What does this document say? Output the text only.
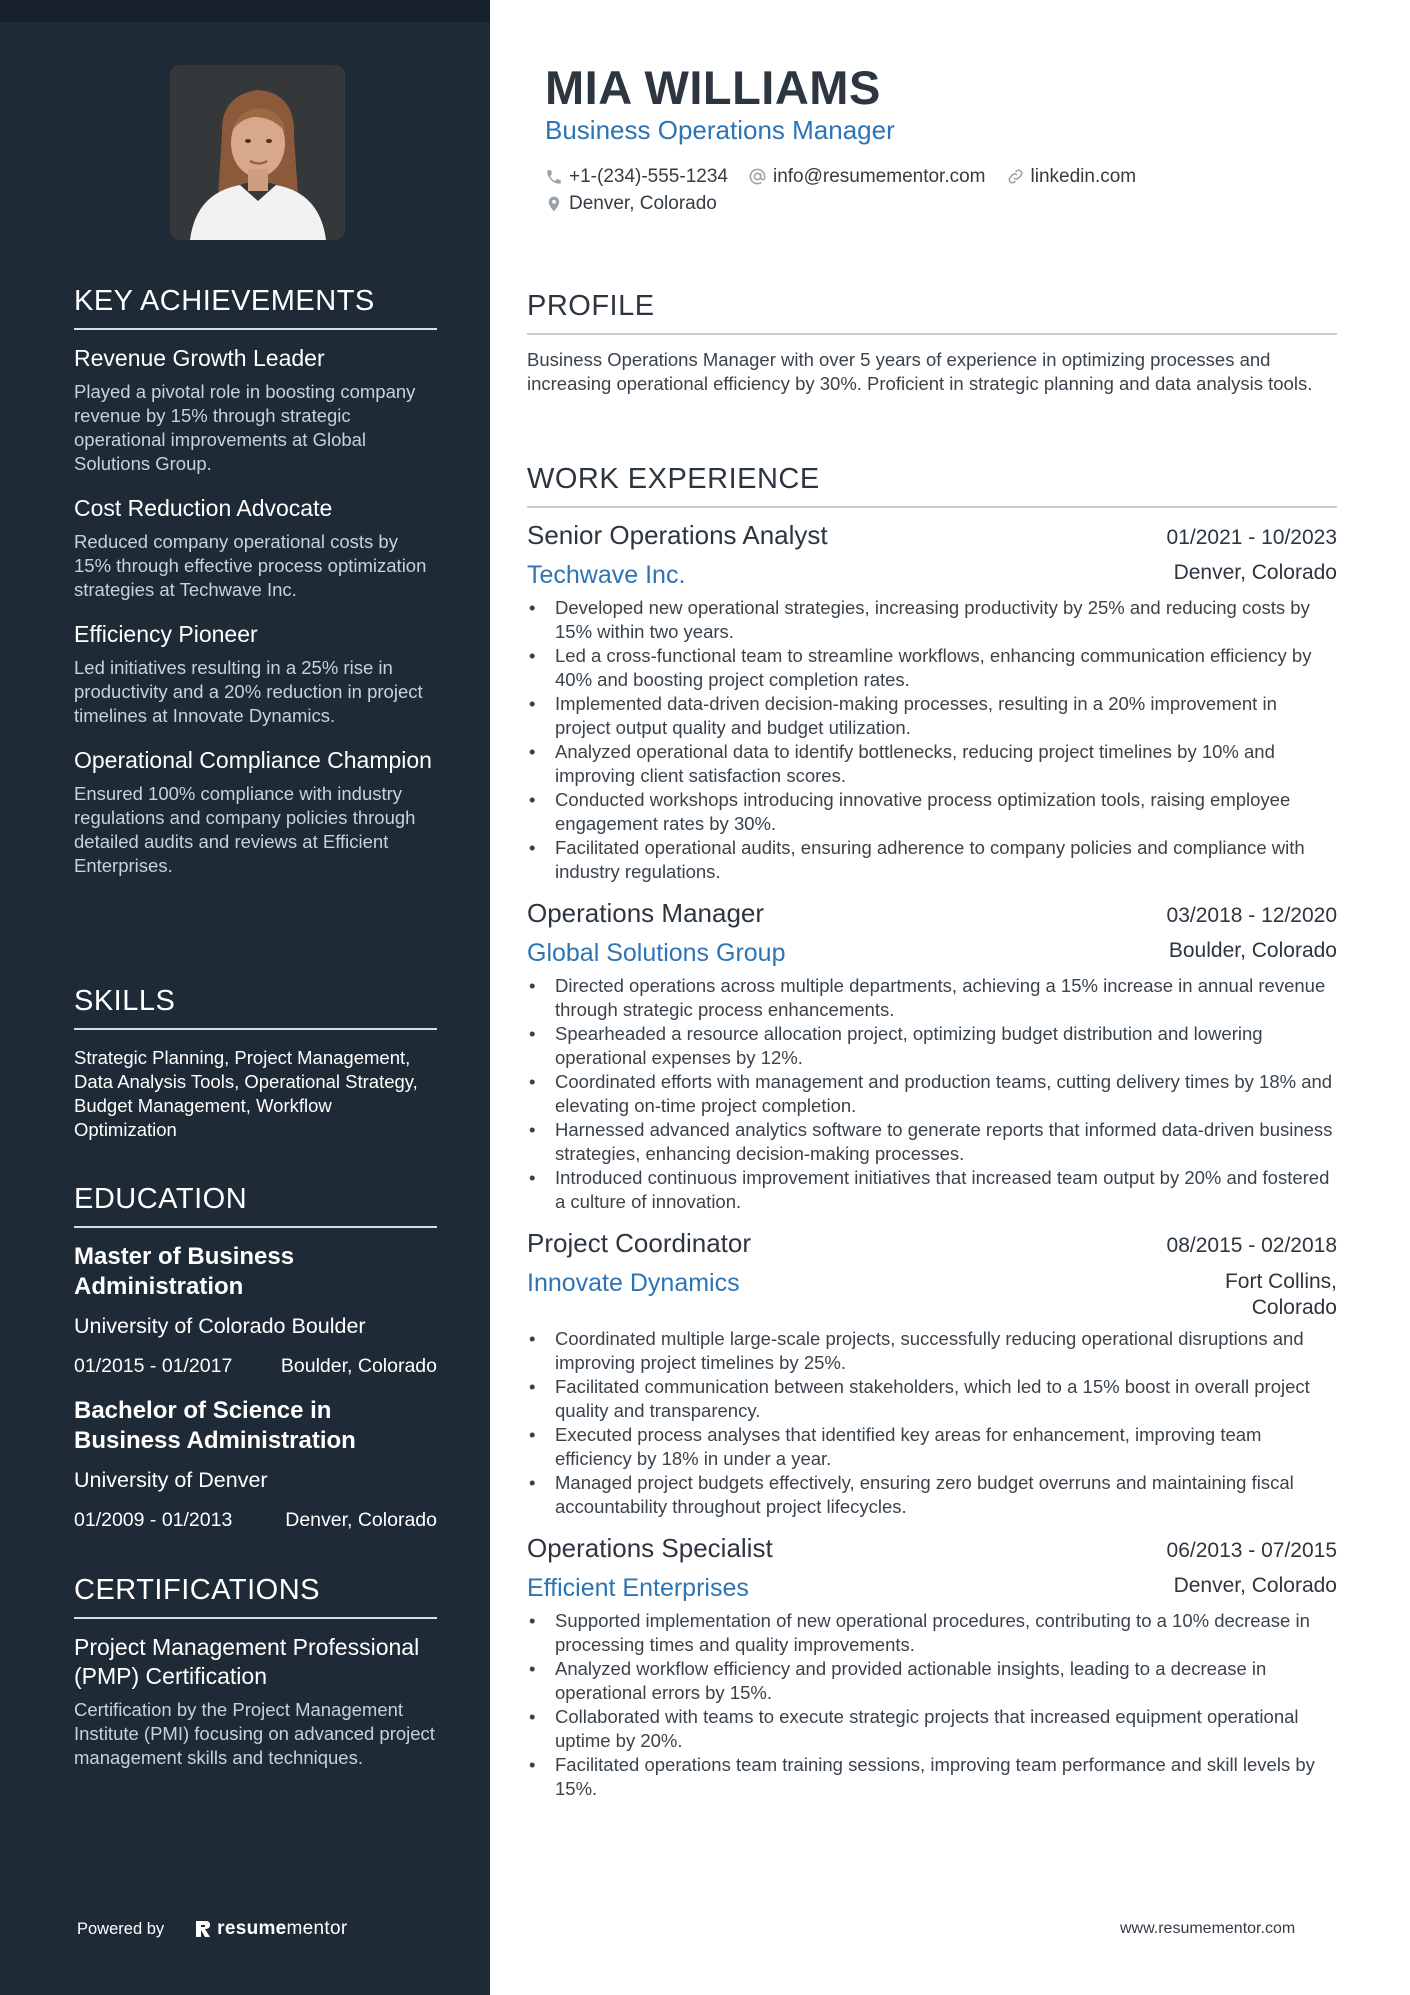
KEY ACHIEVEMENTS
Revenue Growth Leader
Played a pivotal role in boosting company revenue by 15% through strategic operational improvements at Global Solutions Group.
Cost Reduction Advocate
Reduced company operational costs by 15% through effective process optimization strategies at Techwave Inc.
Efficiency Pioneer
Led initiatives resulting in a 25% rise in productivity and a 20% reduction in project timelines at Innovate Dynamics.
Operational Compliance Champion
Ensured 100% compliance with industry regulations and company policies through detailed audits and reviews at Efficient Enterprises.
SKILLS
Strategic Planning, Project Management, Data Analysis Tools, Operational Strategy, Budget Management, Workflow Optimization
EDUCATION
Master of Business Administration
University of Colorado Boulder
01/2015 - 01/2017 Boulder, Colorado
Bachelor of Science in Business Administration
University of Denver
01/2009 - 01/2013	Denver, Colorado
CERTIFICATIONS
Project Management Professional (PMP) Certification
Certification by the Project Management Institute (PMI) focusing on advanced project management skills and techniques.
Powered by	resume mentor
MIA WILLIAMS
Business Operations Manager
+1-(234)-555-1234 info@resumementor.com linkedin.com
Denver, Colorado
PROFILE
Business Operations Manager with over 5 years of experience in optimizing processes and increasing operational efficiency by 30%. Proficient in strategic planning and data analysis tools.
WORK EXPERIENCE
Senior Operations Analyst	01/2021 - 10/2023
Techwave Inc.	Denver, Colorado
• Developed new operational strategies, increasing productivity by 25% and reducing costs by 15% within two years.
• Led a cross-functional team to streamline workflows, enhancing communication efficiency by 40% and boosting project completion rates.
• Implemented data-driven decision-making processes, resulting in a 20% improvement in project output quality and budget utilization.
• Analyzed operational data to identify bottlenecks, reducing project timelines by 10% and improving client satisfaction scores.
• Conducted workshops introducing innovative process optimization tools, raising employee engagement rates by 30%.
• Facilitated operational audits, ensuring adherence to company policies and compliance with industry regulations.
Operations Manager	03/2018 - 12/2020
Global Solutions Group	Boulder, Colorado
• Directed operations across multiple departments, achieving a 15% increase in annual revenue through strategic process enhancements.
• Spearheaded a resource allocation project, optimizing budget distribution and lowering operational expenses by 12%.
• Coordinated efforts with management and production teams, cutting delivery times by 18% and elevating on-time project completion.
• Harnessed advanced analytics software to generate reports that informed data-driven business strategies, enhancing decision-making processes.
• Introduced continuous improvement initiatives that increased team output by 20% and fostered a culture of innovation.
Project Coordinator	08/2015 - 02/2018
Innovate Dynamics	Fort Collins, Colorado
• Coordinated multiple large-scale projects, successfully reducing operational disruptions and improving project timelines by 25%.
• Facilitated communication between stakeholders, which led to a 15% boost in overall project quality and transparency.
• Executed process analyses that identified key areas for enhancement, improving team efficiency by 18% in under a year.
• Managed project budgets effectively, ensuring zero budget overruns and maintaining fiscal accountability throughout project lifecycles.
Operations Specialist	06/2013 - 07/2015
Efficient Enterprises	Denver, Colorado
• Supported implementation of new operational procedures, contributing to a 10% decrease in processing times and quality improvements.
• Analyzed workflow efficiency and provided actionable insights, leading to a decrease in operational errors by 15%.
• Collaborated with teams to execute strategic projects that increased equipment operational uptime by 20%.
• Facilitated operations team training sessions, improving team performance and skill levels by 15%.
www.resumementor.com
